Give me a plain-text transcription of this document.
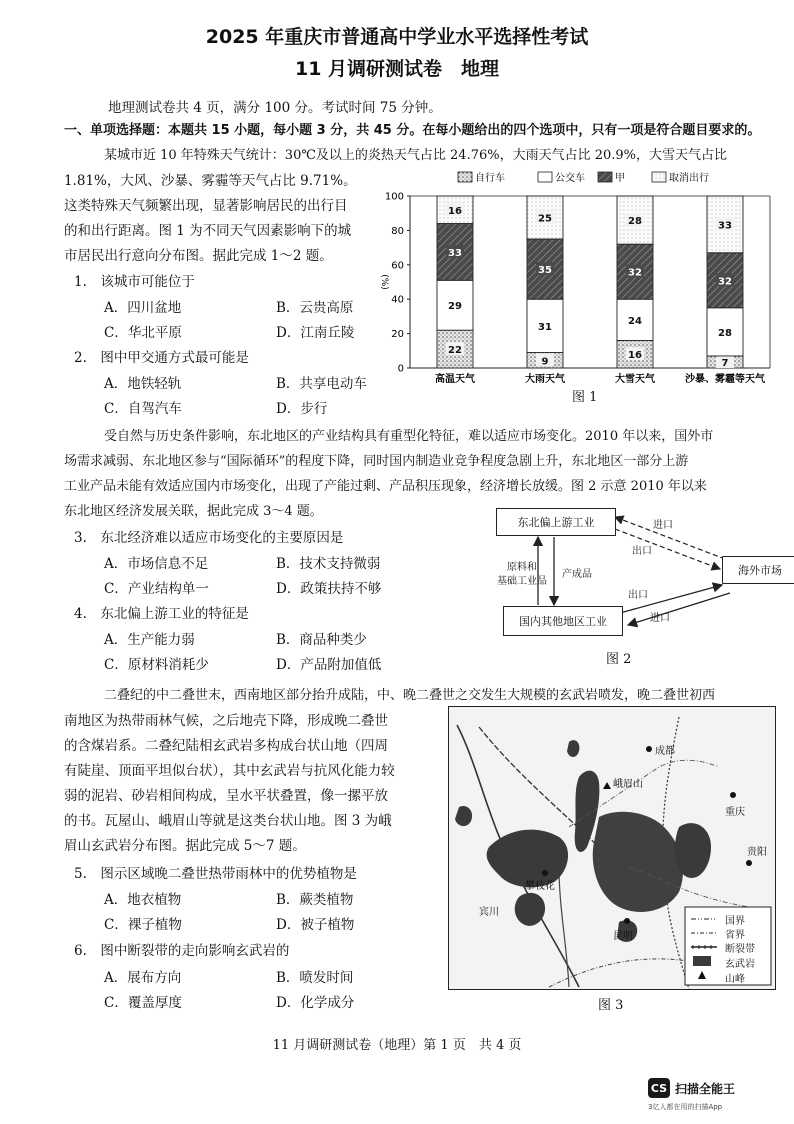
2025 年重庆市普通高中学业水平选择性考试
11 月调研测试卷　地理
地理测试卷共 4 页，满分 100 分。考试时间 75 分钟。
一、单项选择题：本题共 15 小题，每小题 3 分，共 45 分。在每小题给出的四个选项中，只有一项是符合题目要求的。
某城市近 10 年特殊天气统计：30℃及以上的炎热天气占比 24.76%，大雨天气占比 20.9%，大雪天气占比
1.81%，大风、沙暴、雾霾等天气占比 9.71%。
这类特殊天气频繁出现，显著影响居民的出行目
的和出行距离。图 1 为不同天气因素影响下的城
市居民出行意向分布图。据此完成 1～2 题。
1.　该城市可能位于
A．四川盆地	B．云贵高原
C．华北平原	D．江南丘陵
2.　图中甲交通方式最可能是
A．地铁轻轨	B．共享电动车
C．自驾汽车	D．步行
自行车	公交车	甲	取消出行
0
20
40
60
80
100
(%)
22
29
33
16
高温天气
9
31
35
25
大雨天气
16
24
32
28
大雪天气
7
28
32
33
沙暴、雾霾等天气
图 1
受自然与历史条件影响，东北地区的产业结构具有重型化特征，难以适应市场变化。2010 年以来，国外市
场需求减弱、东北地区参与“国际循环”的程度下降，同时国内制造业竞争程度急剧上升，东北地区一部分上游
工业产品未能有效适应国内市场变化，出现了产能过剩、产品积压现象，经济增长放缓。图 2 示意 2010 年以来
东北地区经济发展关联，据此完成 3～4 题。
3.　东北经济难以适应市场变化的主要原因是
A．市场信息不足	B．技术支持微弱
C．产业结构单一	D．政策扶持不够
4.　东北偏上游工业的特征是
A．生产能力弱	B．商品种类少
C．原材料消耗少	D．产品附加值低
东北偏上游工业
国内其他地区工业
海外市场
原料和
基础工业品
产成品
进口
出口
出口
进口
图 2
二叠纪的中二叠世末，西南地区部分抬升成陆，中、晚二叠世之交发生大规模的玄武岩喷发，晚二叠世初西
南地区为热带雨林气候，之后地壳下降，形成晚二叠世
的含煤岩系。二叠纪陆相玄武岩多构成台状山地（四周
有陡崖、顶面平坦似台状），其中玄武岩与抗风化能力较
弱的泥岩、砂岩相间构成，呈水平状叠置，像一摞平放
的书。瓦屋山、峨眉山等就是这类台状山地。图 3 为峨
眉山玄武岩分布图。据此完成 5～7 题。
5.　图示区域晚二叠世热带雨林中的优势植物是
A．地衣植物	B．蕨类植物
C．裸子植物	D．被子植物
6.　图中断裂带的走向影响玄武岩的
A．展布方向	B．喷发时间
C．覆盖厚度	D．化学成分
成都
重庆
贵阳
昆明
攀枝花
宾川
峨眉山
国界
省界
断裂带
玄武岩
山峰
图 3
11 月调研测试卷（地理）第 1 页　共 4 页
CS 扫描全能王
3亿人都在用的扫描App
